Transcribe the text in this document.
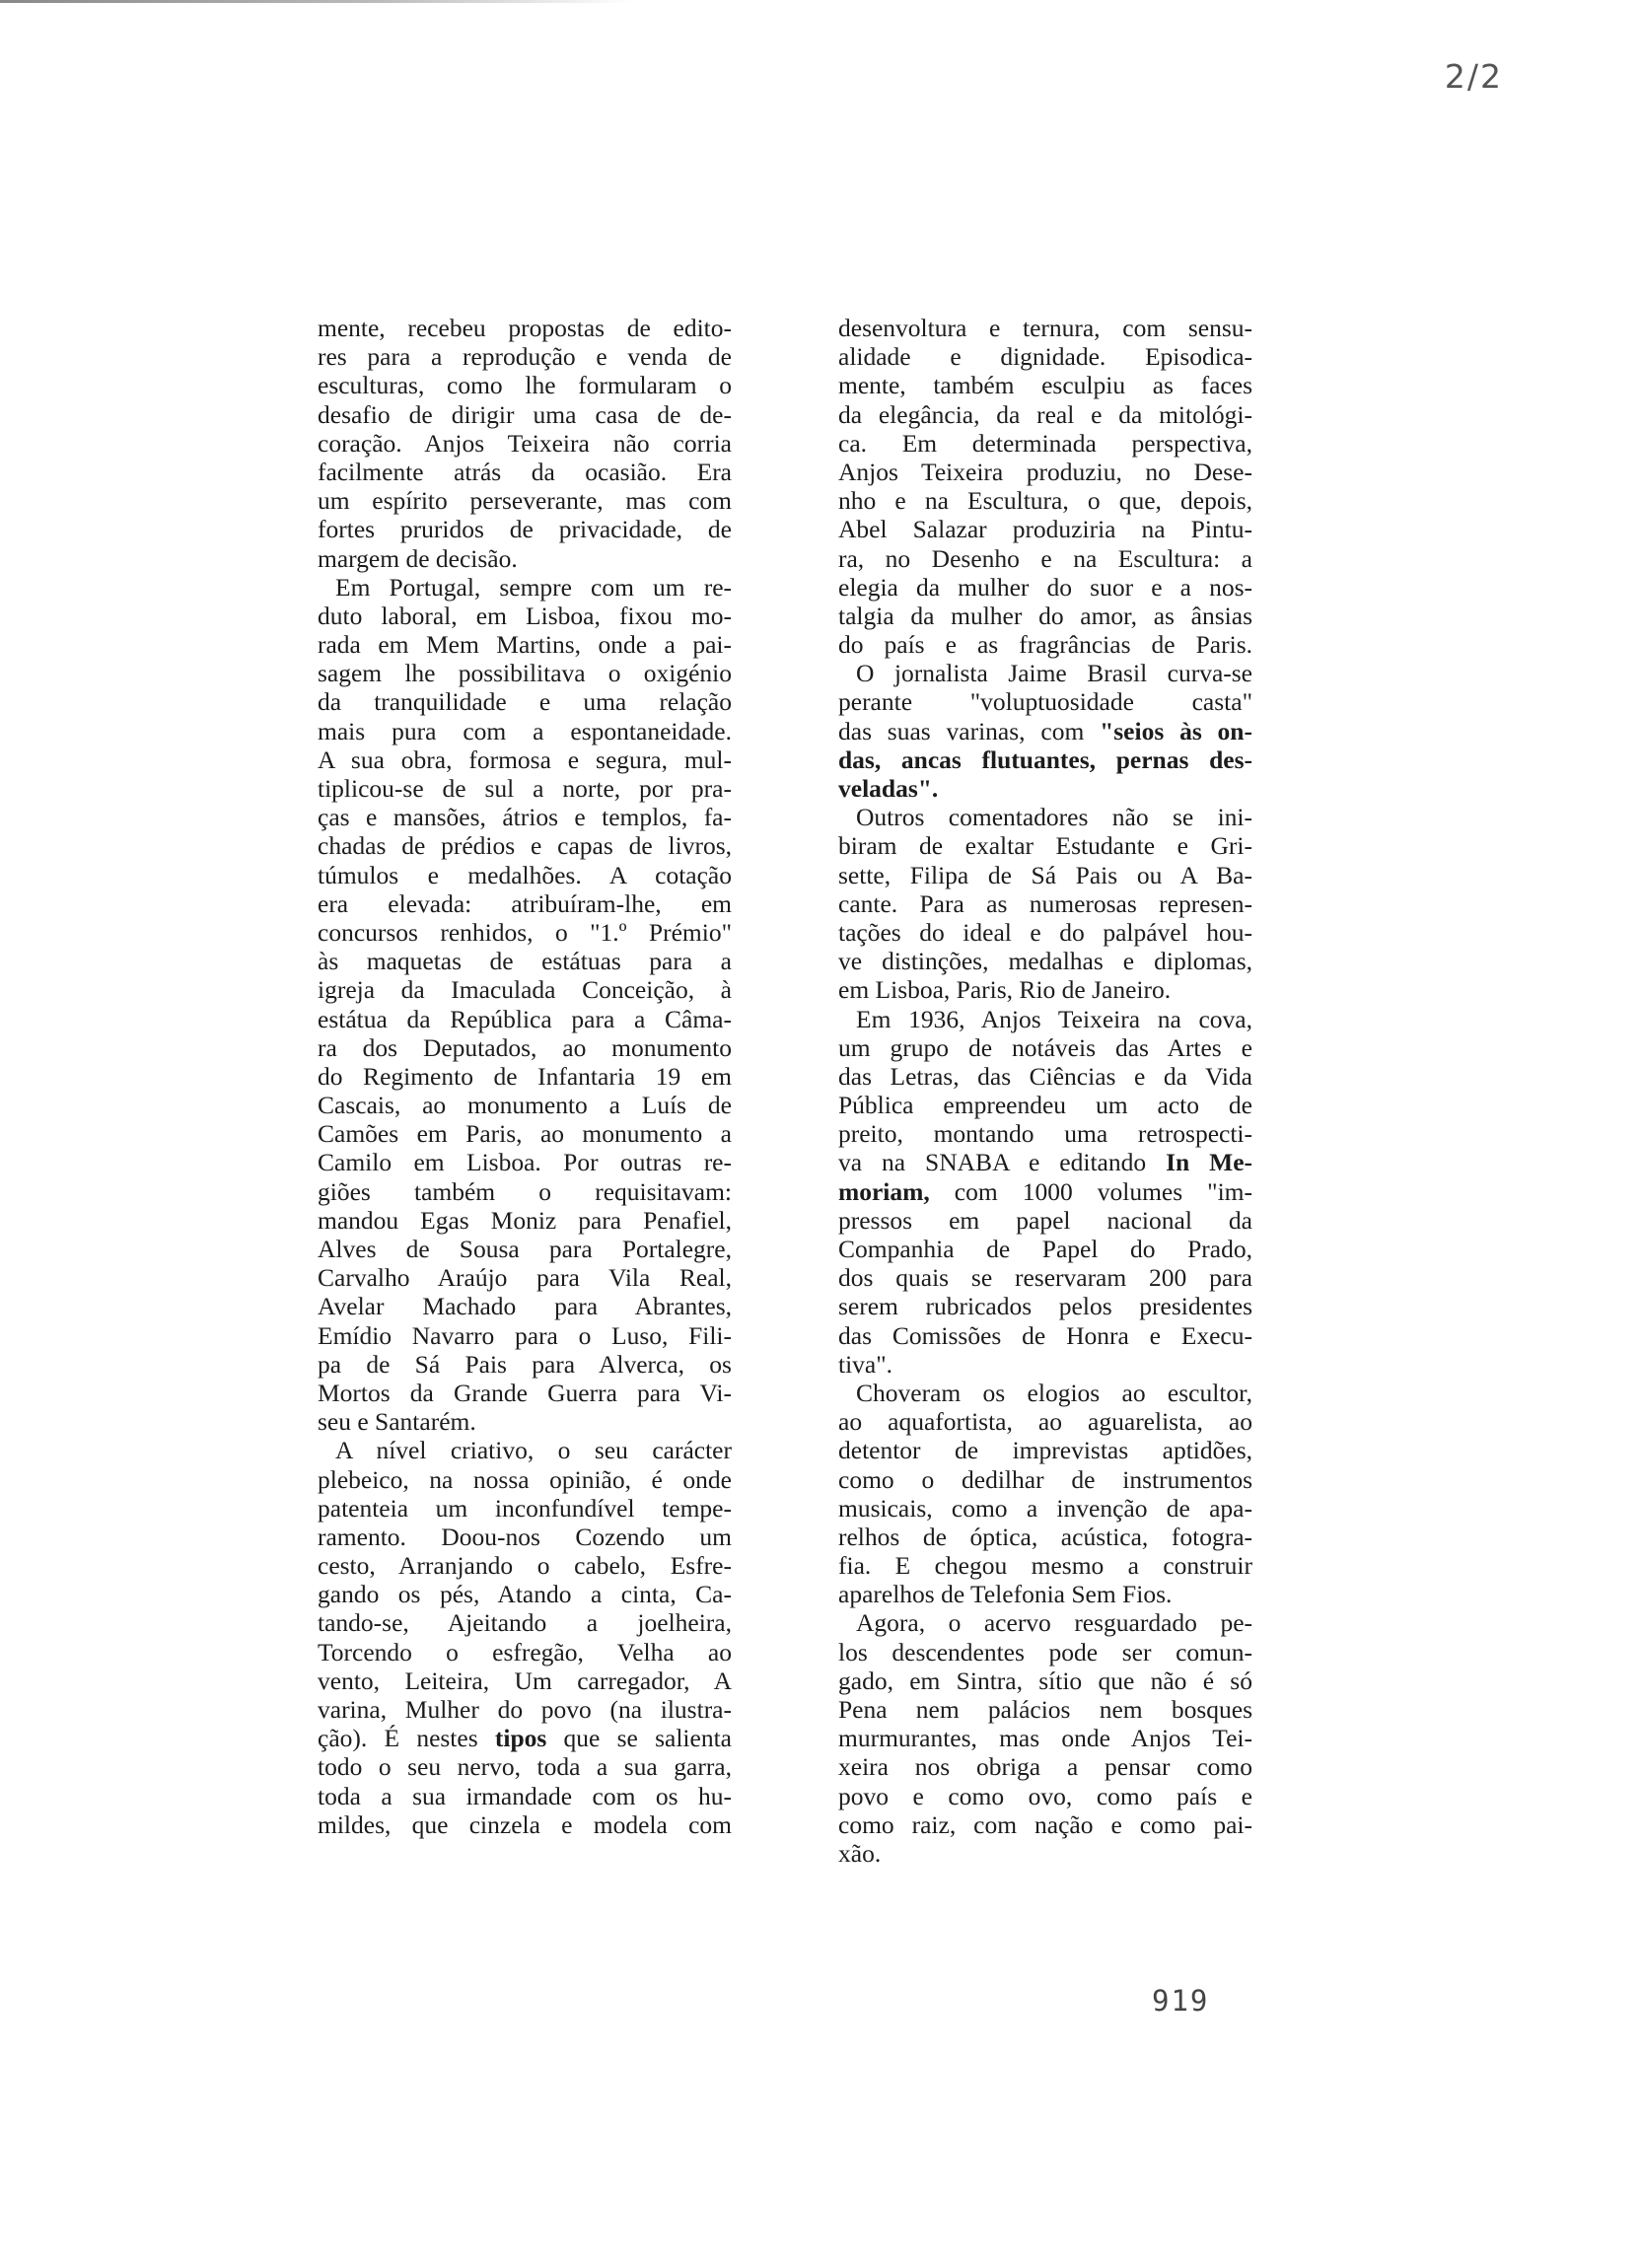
2/2
mente, recebeu propostas de edito-
res para a reprodução e venda de
esculturas, como lhe formularam o
desafio de dirigir uma casa de de-
coração. Anjos Teixeira não corria
facilmente atrás da ocasião. Era
um espírito perseverante, mas com
fortes pruridos de privacidade, de
margem de decisão.
Em Portugal, sempre com um re-
duto laboral, em Lisboa, fixou mo-
rada em Mem Martins, onde a pai-
sagem lhe possibilitava o oxigénio
da tranquilidade e uma relação
mais pura com a espontaneidade.
A sua obra, formosa e segura, mul-
tiplicou-se de sul a norte, por pra-
ças e mansões, átrios e templos, fa-
chadas de prédios e capas de livros,
túmulos e medalhões. A cotação
era elevada: atribuíram-lhe, em
concursos renhidos, o "1.º Prémio"
às maquetas de estátuas para a
igreja da Imaculada Conceição, à
estátua da República para a Câma-
ra dos Deputados, ao monumento
do Regimento de Infantaria 19 em
Cascais, ao monumento a Luís de
Camões em Paris, ao monumento a
Camilo em Lisboa. Por outras re-
giões também o requisitavam:
mandou Egas Moniz para Penafiel,
Alves de Sousa para Portalegre,
Carvalho Araújo para Vila Real,
Avelar Machado para Abrantes,
Emídio Navarro para o Luso, Fili-
pa de Sá Pais para Alverca, os
Mortos da Grande Guerra para Vi-
seu e Santarém.
A nível criativo, o seu carácter
plebeico, na nossa opinião, é onde
patenteia um inconfundível tempe-
ramento. Doou-nos Cozendo um
cesto, Arranjando o cabelo, Esfre-
gando os pés, Atando a cinta, Ca-
tando-se, Ajeitando a joelheira,
Torcendo o esfregão, Velha ao
vento, Leiteira, Um carregador, A
varina, Mulher do povo (na ilustra-
ção). É nestes tipos que se salienta
todo o seu nervo, toda a sua garra,
toda a sua irmandade com os hu-
mildes, que cinzela e modela com
desenvoltura e ternura, com sensu-
alidade e dignidade. Episodica-
mente, também esculpiu as faces
da elegância, da real e da mitológi-
ca. Em determinada perspectiva,
Anjos Teixeira produziu, no Dese-
nho e na Escultura, o que, depois,
Abel Salazar produziria na Pintu-
ra, no Desenho e na Escultura: a
elegia da mulher do suor e a nos-
talgia da mulher do amor, as ânsias
do país e as fragrâncias de Paris.
O jornalista Jaime Brasil curva-se
perante "voluptuosidade casta"
das suas varinas, com "seios às on-
das, ancas flutuantes, pernas des-
veladas".
Outros comentadores não se ini-
biram de exaltar Estudante e Gri-
sette, Filipa de Sá Pais ou A Ba-
cante. Para as numerosas represen-
tações do ideal e do palpável hou-
ve distinções, medalhas e diplomas,
em Lisboa, Paris, Rio de Janeiro.
Em 1936, Anjos Teixeira na cova,
um grupo de notáveis das Artes e
das Letras, das Ciências e da Vida
Pública empreendeu um acto de
preito, montando uma retrospecti-
va na SNABA e editando In Me-
moriam, com 1000 volumes "im-
pressos em papel nacional da
Companhia de Papel do Prado,
dos quais se reservaram 200 para
serem rubricados pelos presidentes
das Comissões de Honra e Execu-
tiva".
Choveram os elogios ao escultor,
ao aquafortista, ao aguarelista, ao
detentor de imprevistas aptidões,
como o dedilhar de instrumentos
musicais, como a invenção de apa-
relhos de óptica, acústica, fotogra-
fia. E chegou mesmo a construir
aparelhos de Telefonia Sem Fios.
Agora, o acervo resguardado pe-
los descendentes pode ser comun-
gado, em Sintra, sítio que não é só
Pena nem palácios nem bosques
murmurantes, mas onde Anjos Tei-
xeira nos obriga a pensar como
povo e como ovo, como país e
como raiz, com nação e como pai-
xão.
919
